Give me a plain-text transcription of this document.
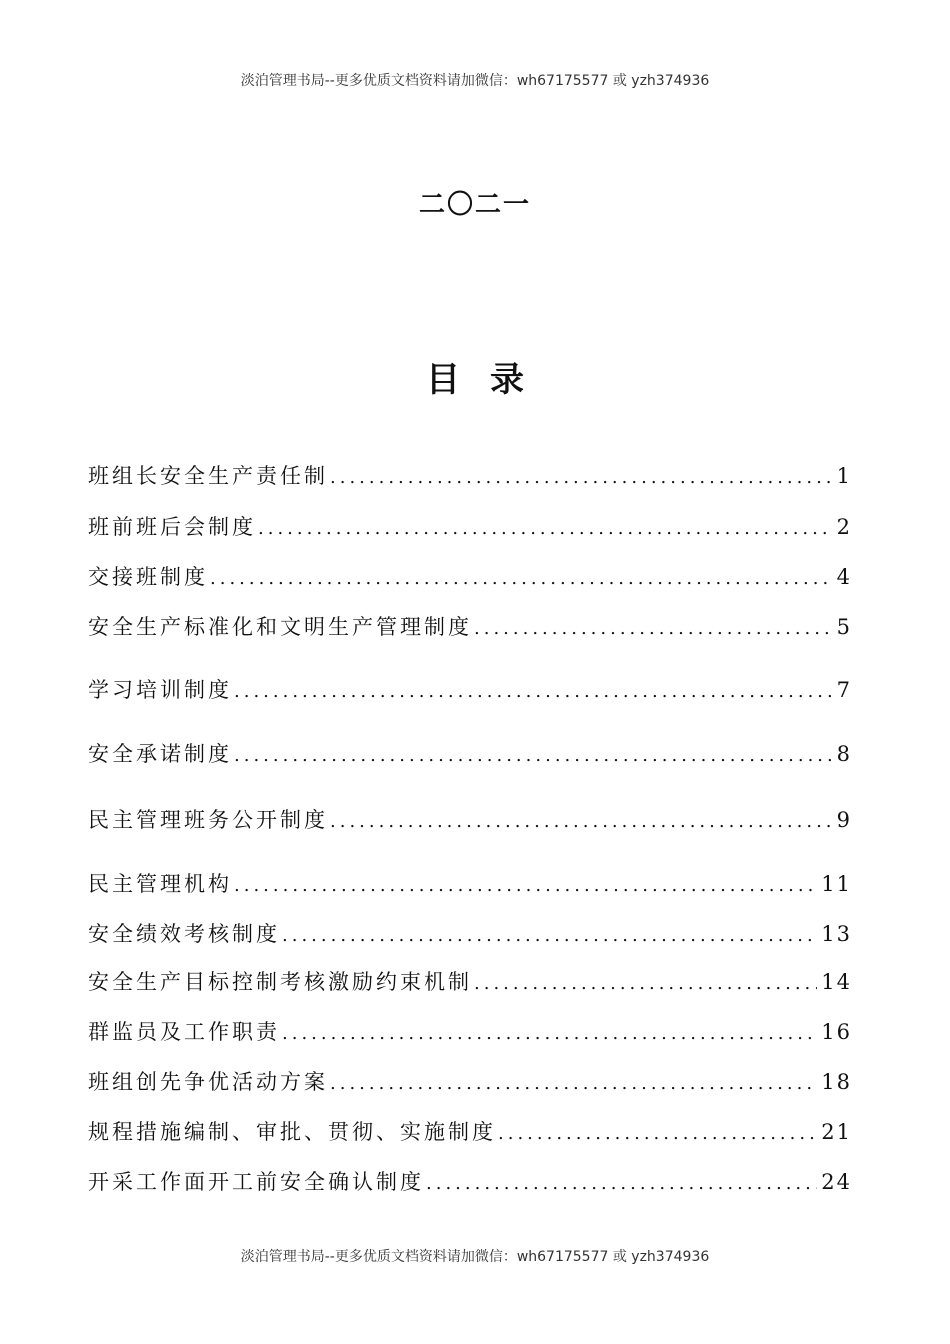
淡泊管理书局--更多优质文档资料请加微信：wh67175577 或 yzh374936
二〇二一
目录
班组长安全生产责任制 .....	1
班前班后会制度 .....	2
交接班制度 .....	4
安全生产标准化和文明生产管理制度 .....	5
学习培训制度 .....	7
安全承诺制度 .....	8
民主管理班务公开制度 .....	9
民主管理机构 .....	11
安全绩效考核制度 .....	13
安全生产目标控制考核激励约束机制 .....	14
群监员及工作职责 .....	16
班组创先争优活动方案 .....	18
规程措施编制、审批、贯彻、实施制度 .....	21
开采工作面开工前安全确认制度 .....	24
淡泊管理书局--更多优质文档资料请加微信：wh67175577 或 yzh374936
